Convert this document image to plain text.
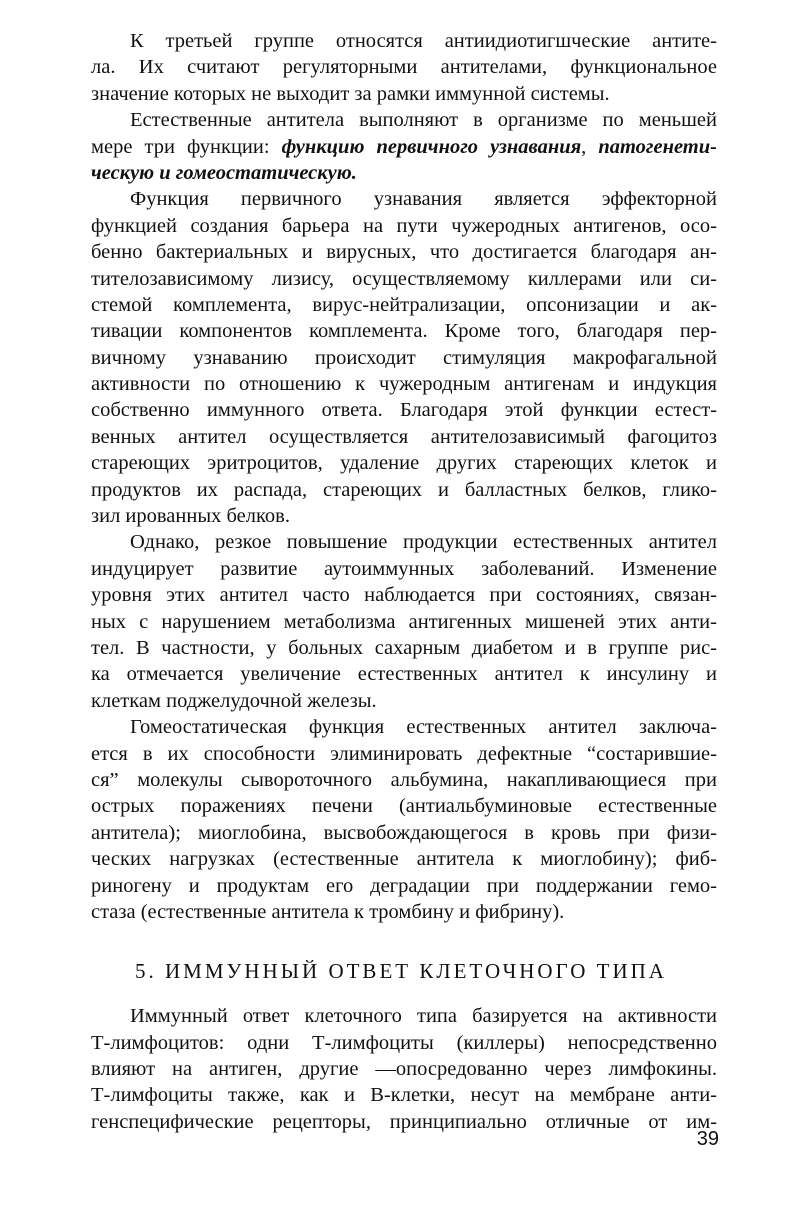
К третьей группе относятся антиидиотигшческие антите-
ла. Их считают регуляторными антителами, функциональное
значение которых не выходит за рамки иммунной системы.
Естественные антитела выполняют в организме по меньшей
мере три функции: функцию первичного узнавания, патогенети-
ческую и гомеостатическую.
Функция первичного узнавания является эффекторной
функцией создания барьера на пути чужеродных антигенов, осо-
бенно бактериальных и вирусных, что достигается благодаря ан-
тителозависимому лизису, осуществляемому киллерами или си-
стемой комплемента, вирус-нейтрализации, опсонизации и ак-
тивации компонентов комплемента. Кроме того, благодаря пер-
вичному узнаванию происходит стимуляция макрофагальной
активности по отношению к чужеродным антигенам и индукция
собственно иммунного ответа. Благодаря этой функции естест-
венных антител осуществляется антителозависимый фагоцитоз
стареющих эритроцитов, удаление других стареющих клеток и
продуктов их распада, стареющих и балластных белков, глико-
зил ированных белков.
Однако, резкое повышение продукции естественных антител
индуцирует развитие аутоиммунных заболеваний. Изменение
уровня этих антител часто наблюдается при состояниях, связан-
ных с нарушением метаболизма антигенных мишеней этих анти-
тел. В частности, у больных сахарным диабетом и в группе рис-
ка отмечается увеличение естественных антител к инсулину и
клеткам поджелудочной железы.
Гомеостатическая функция естественных антител заключа-
ется в их способности элиминировать дефектные “состарившие-
ся” молекулы сывороточного альбумина, накапливающиеся при
острых поражениях печени (антиальбуминовые естественные
антитела); миоглобина, высвобождающегося в кровь при физи-
ческих нагрузках (естественные антитела к миоглобину); фиб-
риногену и продуктам его деградации при поддержании гемо-
стаза (естественные антитела к тромбину и фибрину).
5. ИММУННЫЙ ОТВЕТ КЛЕТОЧНОГО ТИПА
Иммунный ответ клеточного типа базируется на активности
Т-лимфоцитов: одни Т-лимфоциты (киллеры) непосредственно
влияют на антиген, другие —опосредованно через лимфокины.
Т-лимфоциты также, как и В-клетки, несут на мембране анти-
генспецифические рецепторы, принципиально отличные от им-
39
